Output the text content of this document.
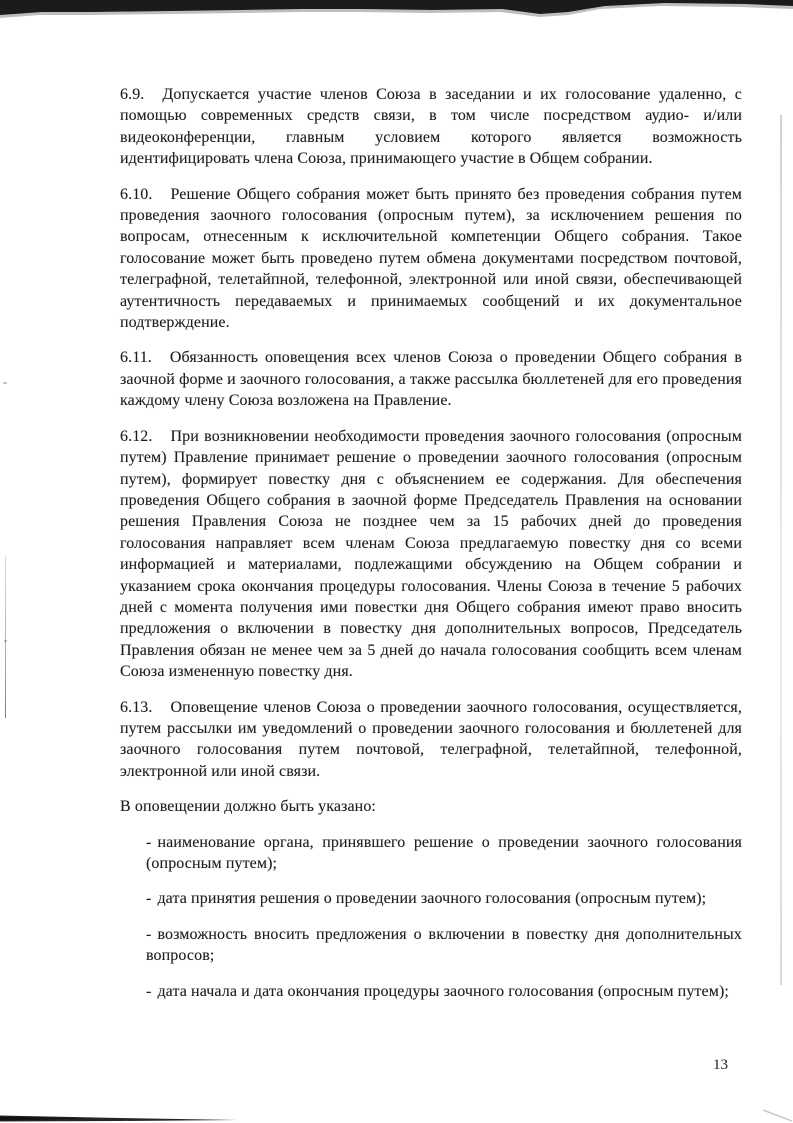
6.9. Допускается участие членов Союза в заседании и их голосование удаленно, с помощью современных средств связи, в том числе посредством аудио- и/или видеоконференции, главным условием которого является возможность идентифицировать члена Союза, принимающего участие в Общем собрании.

6.10. Решение Общего собрания может быть принято без проведения собрания путем проведения заочного голосования (опросным путем), за исключением решения по вопросам, отнесенным к исключительной компетенции Общего собрания. Такое голосование может быть проведено путем обмена документами посредством почтовой, телеграфной, телетайпной, телефонной, электронной или иной связи, обеспечивающей аутентичность передаваемых и принимаемых сообщений и их документальное подтверждение.

6.11. Обязанность оповещения всех членов Союза о проведении Общего собрания в заочной форме и заочного голосования, а также рассылка бюллетеней для его проведения каждому члену Союза возложена на Правление.

6.12. При возникновении необходимости проведения заочного голосования (опросным путем) Правление принимает решение о проведении заочного голосования (опросным путем), формирует повестку дня с объяснением ее содержания. Для обеспечения проведения Общего собрания в заочной форме Председатель Правления на основании решения Правления Союза не позднее чем за 15 рабочих дней до проведения голосования направляет всем членам Союза предлагаемую повестку дня со всеми информацией и материалами, подлежащими обсуждению на Общем собрании и указанием срока окончания процедуры голосования. Члены Союза в течение 5 рабочих дней с момента получения ими повестки дня Общего собрания имеют право вносить предложения о включении в повестку дня дополнительных вопросов, Председатель Правления обязан не менее чем за 5 дней до начала голосования сообщить всем членам Союза измененную повестку дня.

6.13. Оповещение членов Союза о проведении заочного голосования, осуществляется, путем рассылки им уведомлений о проведении заочного голосования и бюллетеней для заочного голосования путем почтовой, телеграфной, телетайпной, телефонной, электронной или иной связи.

В оповещении должно быть указано:

- наименование органа, принявшего решение о проведении заочного голосования (опросным путем);

- дата принятия решения о проведении заочного голосования (опросным путем);

- возможность вносить предложения о включении в повестку дня дополнительных вопросов;

- дата начала и дата окончания процедуры заочного голосования (опросным путем);

13
